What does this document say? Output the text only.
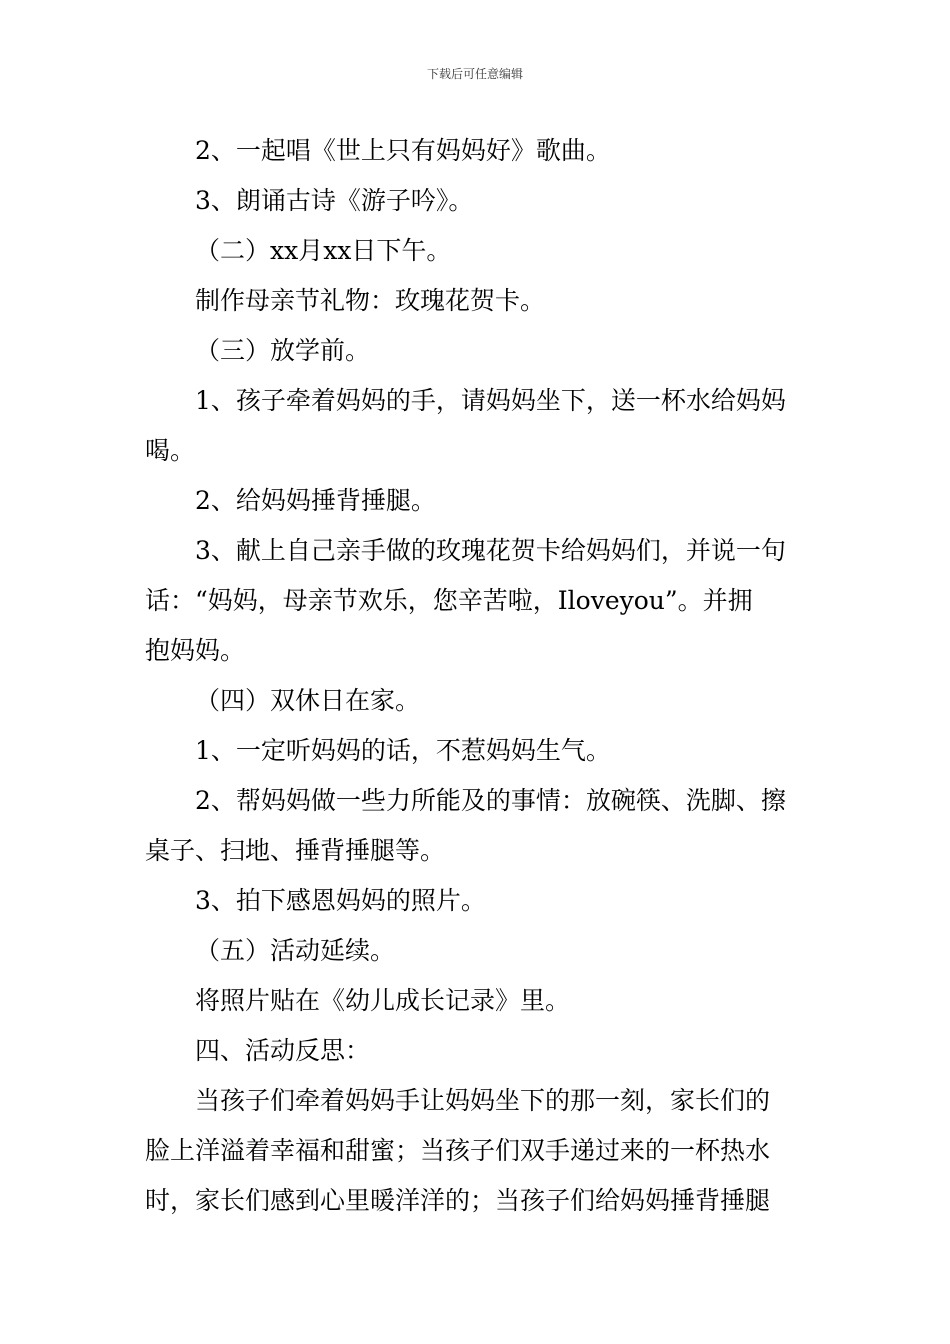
下载后可任意编辑

2、一起唱《世上只有妈妈好》歌曲。

3、朗诵古诗《游子吟》。

（二）xx月xx日下午。

制作母亲节礼物：玫瑰花贺卡。

（三）放学前。

1、孩子牵着妈妈的手，请妈妈坐下，送一杯水给妈妈

喝。

2、给妈妈捶背捶腿。

3、献上自己亲手做的玫瑰花贺卡给妈妈们，并说一句

话：“妈妈，母亲节欢乐，您辛苦啦，Iloveyou”。并拥

抱妈妈。

（四）双休日在家。

1、一定听妈妈的话，不惹妈妈生气。

2、帮妈妈做一些力所能及的事情：放碗筷、洗脚、擦

桌子、扫地、捶背捶腿等。

3、拍下感恩妈妈的照片。

（五）活动延续。

将照片贴在《幼儿成长记录》里。

四、活动反思：

当孩子们牵着妈妈手让妈妈坐下的那一刻，家长们的

脸上洋溢着幸福和甜蜜；当孩子们双手递过来的一杯热水

时，家长们感到心里暖洋洋的；当孩子们给妈妈捶背捶腿
